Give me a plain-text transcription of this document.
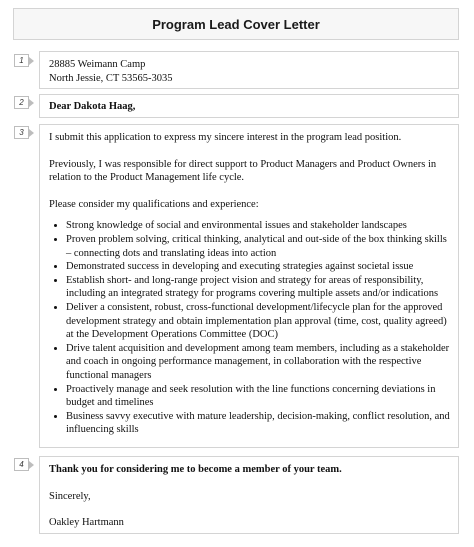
Program Lead Cover Letter
1	28885 Weimann Camp

North Jessie, CT 53565-3035

2	Dear Dakota Haag,

3	I submit this application to express my sincere interest in the program lead position.

Previously, I was responsible for direct support to Product Managers and Product Owners in relation to the Product Management life cycle.

Please consider my qualifications and experience:

• Strong knowledge of social and environmental issues and stakeholder landscapes
• Proven problem solving, critical thinking, analytical and out-side of the box thinking skills – connecting dots and translating ideas into action
• Demonstrated success in developing and executing strategies against societal issue
• Establish short- and long-range project vision and strategy for areas of responsibility, including an integrated strategy for programs covering multiple assets and/or indications
• Deliver a consistent, robust, cross-functional development/lifecycle plan for the approved development strategy and obtain implementation plan approval (time, cost, quality agreed) at the Development Operations Committee (DOC)
• Drive talent acquisition and development among team members, including as a stakeholder and coach in ongoing performance management, in collaboration with the respective functional managers
• Proactively manage and seek resolution with the line functions concerning deviations in budget and timelines
• Business savvy executive with mature leadership, decision-making, conflict resolution, and influencing skills
4	Thank you for considering me to become a member of your team.

Sincerely,

Oakley Hartmann
